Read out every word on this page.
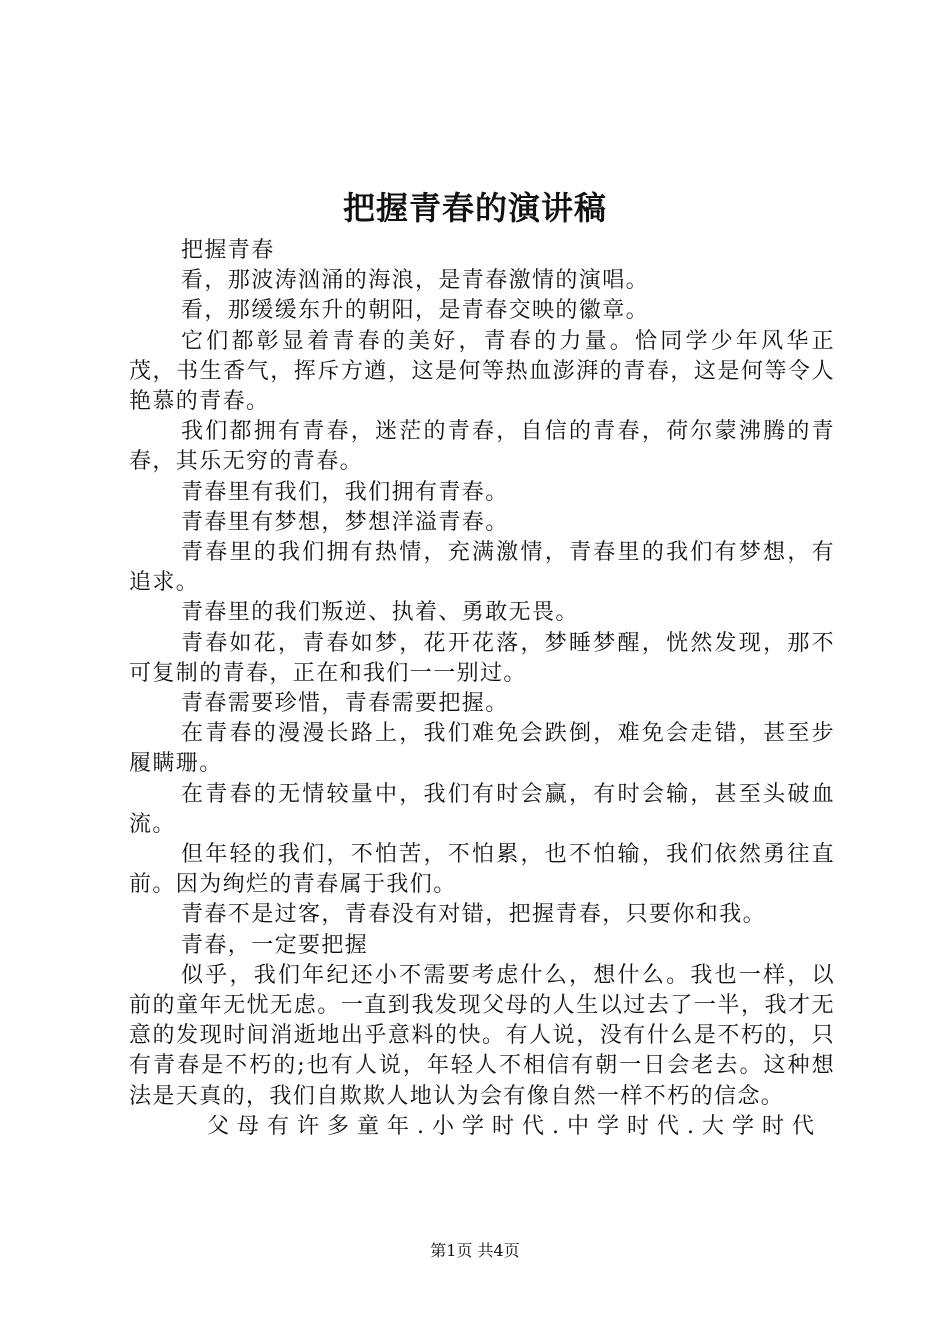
把握青春的演讲稿

把握青春

看，那波涛汹涌的海浪，是青春激情的演唱。

看，那缓缓东升的朝阳，是青春交映的徽章。

它们都彰显着青春的美好，青春的力量。恰同学少年风华正茂，书生香气，挥斥方遒，这是何等热血澎湃的青春，这是何等令人艳慕的青春。

我们都拥有青春，迷茫的青春，自信的青春，荷尔蒙沸腾的青春，其乐无穷的青春。

青春里有我们，我们拥有青春。

青春里有梦想，梦想洋溢青春。

青春里的我们拥有热情，充满激情，青春里的我们有梦想，有追求。

青春里的我们叛逆、执着、勇敢无畏。

青春如花，青春如梦，花开花落，梦睡梦醒，恍然发现，那不可复制的青春，正在和我们一一别过。

青春需要珍惜，青春需要把握。

在青春的漫漫长路上，我们难免会跌倒，难免会走错，甚至步履瞒珊。

在青春的无情较量中，我们有时会赢，有时会输，甚至头破血流。

但年轻的我们，不怕苦，不怕累，也不怕输，我们依然勇往直前。因为绚烂的青春属于我们。

青春不是过客，青春没有对错，把握青春，只要你和我。

青春，一定要把握

似乎，我们年纪还小不需要考虑什么，想什么。我也一样，以前的童年无忧无虑。一直到我发现父母的人生以过去了一半，我才无意的发现时间消逝地出乎意料的快。有人说，没有什么是不朽的，只有青春是不朽的;也有人说，年轻人不相信有朝一日会老去。这种想法是天真的，我们自欺欺人地认为会有像自然一样不朽的信念。

父母有许多童年.小学时代.中学时代.大学时代

第1页 共4页
